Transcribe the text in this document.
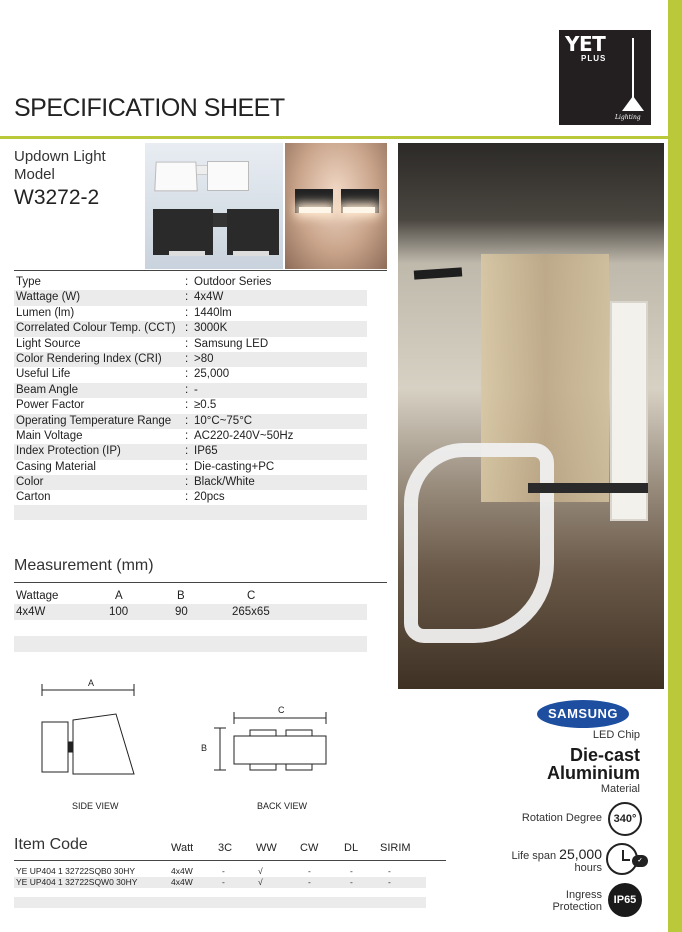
YET
PLUS
Lighting
SPECIFICATION SHEET
Updown Light
Model
W3272-2
Type	: Outdoor Series
Wattage (W)	: 4x4W
Lumen (lm)	: 1440lm
Correlated Colour Temp. (CCT) : 3000K
Light Source	: Samsung LED
Color Rendering Index (CRI) : >80
Useful Life	: 25,000
Beam Angle	: -
Power Factor	: ≥0.5
Operating Temperature Range : 10°C~75°C
Main Voltage	: AC220-240V~50Hz
Index Protection (IP)	: IP65
Casing Material	: Die-casting+PC
Color	: Black/White
Carton	: 20pcs
Measurement (mm)
Wattage	A	B	C
4x4W	100	90	265x65
A
C
B
SIDE VIEW	BACK VIEW
SAMSUNG
LED Chip
Die-cast
Aluminium
Material
Rotation Degree	340°
Life span 25,000
hours
✓
Ingress
Protection
IP65
Item Code	Watt 3C WW CW DL SIRIM
YE UP404 1 32722SQB0 30HY	4x4W	-	√	-	-	-
YE UP404 1 32722SQW0 30HY	4x4W	-	√	-	-	-
